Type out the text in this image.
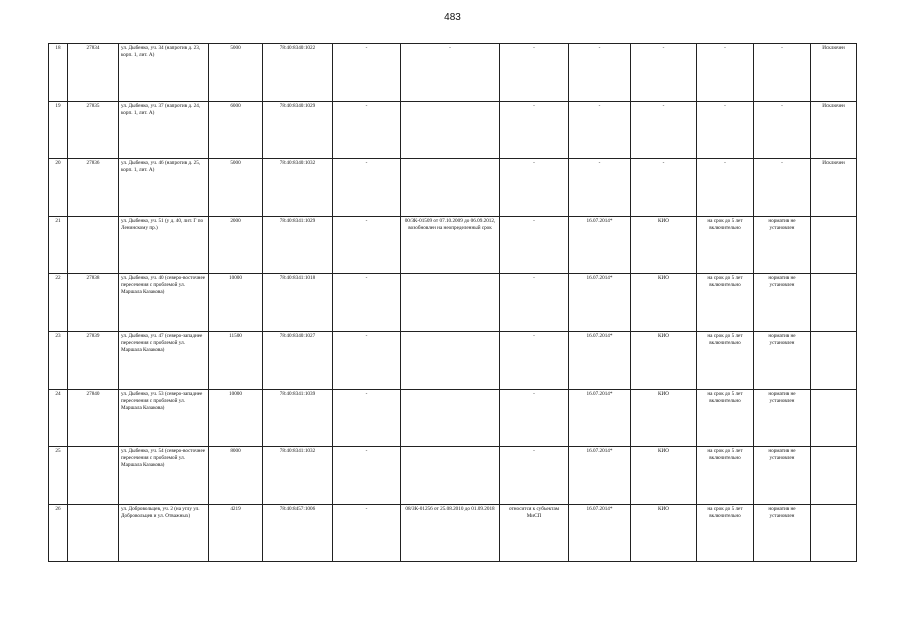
483
18	27834	ул. Дыбенко, уч. 34 (напротив д. 23, корп. 1, лит. А)	5000	78:40:8340:1022	-	-	-	-	-	-	-	Исключен
19	27835	ул. Дыбенко, уч. 37 (напротив д. 24, корп. 1, лит. А)	6000	78:40:8340:1029	-		-	-	-	-	-	Исключен
20	27836	ул. Дыбенко, уч. 46 (напротив д. 25, корп. 1, лит. А)	5000	78:40:8340:1032	-		-	-	-	-	-	Исключен
21		ул. Дыбенко, уч. 51 (у д. 40, лит. Г по Ленинскому пр.)	2000	78:40:8341:1029	-	00/ЗК-01509 от 07.10.2009 до 06.09.2012, возобновлен на неопределенный срок	-	16.07.2014*	КИО	на срок до 5 лет включительно	норматив не установлен	
22	27838	ул. Дыбенко, уч. 40 (северо-восточнее пересечения с проблемой ул. Маршала Казакова)	10000	78:40:8341:1018	-		-	16.07.2014*	КИО	на срок до 5 лет включительно	норматив не установлен	
23	27839	ул. Дыбенко, уч. 47 (северо-западнее пересечения с проблемой ул. Маршала Казакова)	11500	78:40:8340:1027	-		-	16.07.2014*	КИО	на срок до 5 лет включительно	норматив не установлен	
24	27840	ул. Дыбенко, уч. 53 (северо-западнее пересечения с проблемой ул. Маршала Казакова)	10000	78:40:8341:1039	-		-	16.07.2014*	КИО	на срок до 5 лет включительно	норматив не установлен	
25		ул. Дыбенко, уч. 54 (северо-восточнее пересечения с проблемой ул. Маршала Казакова)	8000	78:40:8341:1032	-		-	16.07.2014*	КИО	на срок до 5 лет включительно	норматив не установлен	
26		ул. Добровольцев, уч. 2 (на углу ул. Добровольцев и ул. Отважных)	4219	78:40:8457:1006	-	08/ЗК-01256 от 25.08.2010 до 01.09.2018	относится к субъектам МиСП	16.07.2014*	КИО	на срок до 5 лет включительно	норматив не установлен	
